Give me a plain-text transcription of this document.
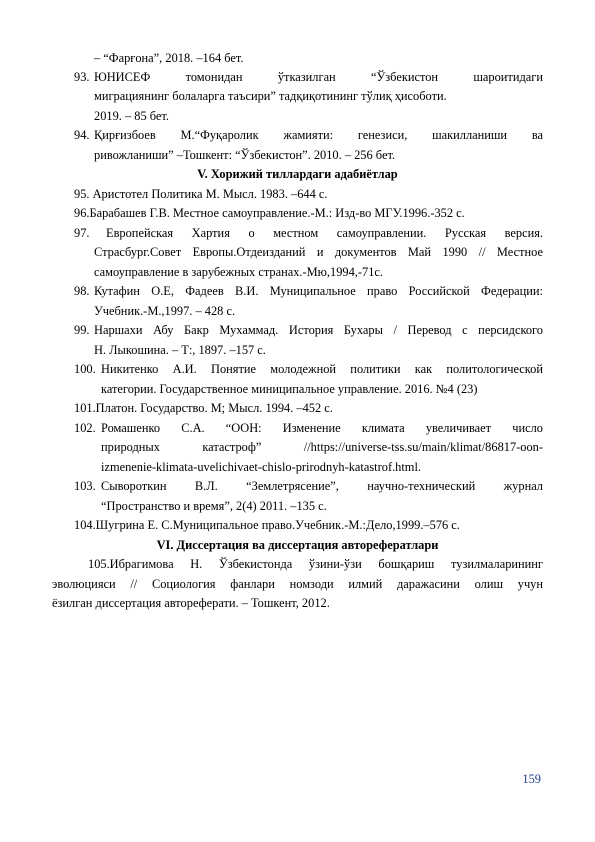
– “Фарғона”, 2018. –164 бет.
93. ЮНИСЕФ томонидан ўтказилган “Ўзбекистон шароитидаги
миграциянинг болаларга таъсири” тадқиқотининг тўлиқ ҳисоботи.
2019. – 85 бет.
94. Қирғизбоев М.“Фуқаролик жамияти: генезиси, шакилланиши ва
ривожланиши” –Тошкент: “Ўзбекистон”. 2010. – 256 бет.
V. Хорижий тиллардаги адабиётлар
95. Аристотел Политика М. Мысл. 1983. –644 с.
96.Барабашев Г.В. Местное самоуправление.-М.: Изд-во МГУ.1996.-352 с.
97. Европейская Хартия о местном самоуправлении. Русская версия.
Страсбург.Совет Европы.Отдеизданий и документов Май 1990 // Местное
самоуправление в зарубежных странах.-Мю,1994,-71с.
98. Кутафин О.Е, Фадеев В.И. Муниципальное право Российской Федерации:
Учебник.-М.,1997. – 428 с.
99. Наршахи Абу Бакр Мухаммад. История Бухары / Перевод с персидского
Н. Лыкошина. – Т:, 1897. –157 с.
100. Никитенко А.И. Понятие молодежной политики как политологической
категории. Государственное миниципальное управление. 2016. №4 (23)
101.Платон. Государство. М; Мысл. 1994. –452 с.
102. Ромашенко С.А. “ООН: Изменение климата увеличивает число
природных катастроф” //https://universe-tss.su/main/klimat/86817-oon-
izmenenie-klimata-uvelichivaet-chislo-prirodnyh-katastrof.html.
103. Сывороткин В.Л. “Землетрясение”, научно-технический журнал
“Пространство и время”, 2(4) 2011. –135 с.
104.Шугрина Е. С.Муниципальное право.Учебник.-М.:Дело,1999.–576 с.
VI. Диссертация ва диссертация авторефератлари
105.Ибрагимова Н. Ўзбекистонда ўзини-ўзи бошқариш тузилмаларининг
эволюцияси // Социология фанлари номзоди илмий даражасини олиш учун
ёзилган диссертация автореферати. – Тошкент, 2012.
159
